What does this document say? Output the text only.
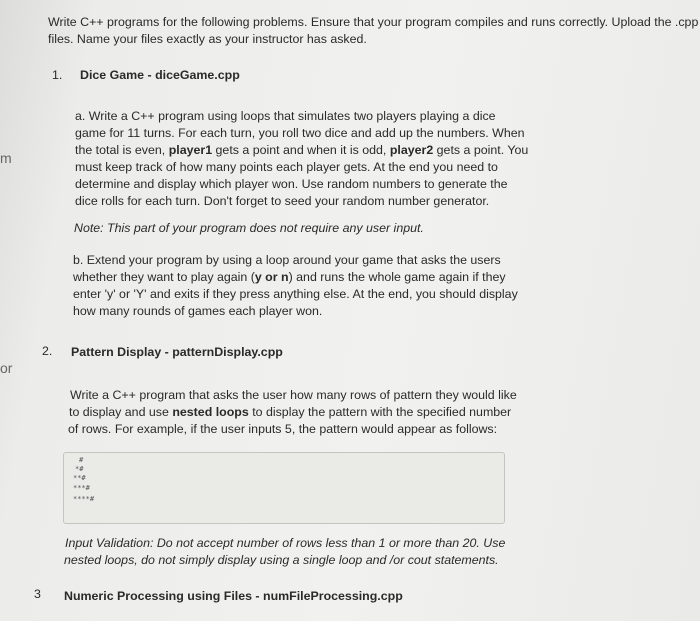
m
or
Write C++ programs for the following problems. Ensure that your program compiles and runs correctly. Upload the .cpp
files. Name your files exactly as your instructor has asked.
1. Dice Game - diceGame.cpp
a. Write a C++ program using loops that simulates two players playing a dice
game for 11 turns. For each turn, you roll two dice and add up the numbers. When
the total is even, player1 gets a point and when it is odd, player2 gets a point. You
must keep track of how many points each player gets. At the end you need to
determine and display which player won. Use random numbers to generate the
dice rolls for each turn. Don't forget to seed your random number generator.
Note: This part of your program does not require any user input.
b. Extend your program by using a loop around your game that asks the users
whether they want to play again (y or n) and runs the whole game again if they
enter 'y' or 'Y' and exits if they press anything else. At the end, you should display
how many rounds of games each player won.
2. Pattern Display - patternDisplay.cpp
Write a C++ program that asks the user how many rows of pattern they would like
to display and use nested loops to display the pattern with the specified number
of rows. For example, if the user inputs 5, the pattern would appear as follows:
#
*#
**#
***#
****#
Input Validation: Do not accept number of rows less than 1 or more than 20. Use
nested loops, do not simply display using a single loop and /or cout statements.
3 Numeric Processing using Files - numFileProcessing.cpp
